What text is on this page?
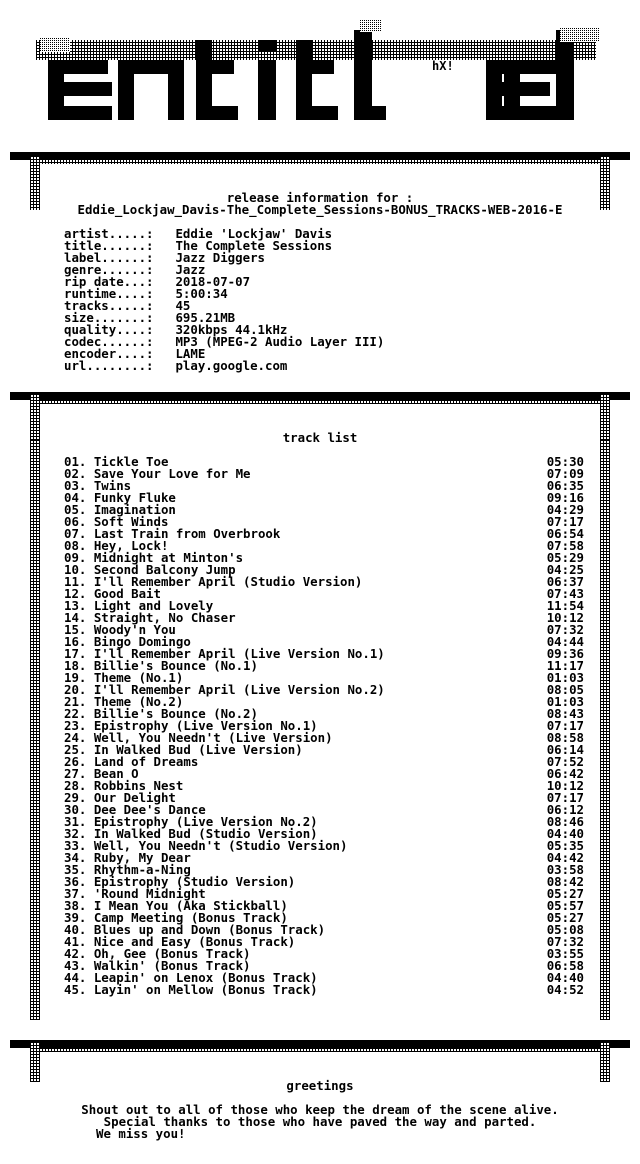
hX!
release information for :
Eddie_Lockjaw_Davis-The_Complete_Sessions-BONUS_TRACKS-WEB-2016-E
artist.....: Eddie 'Lockjaw' Davis
title......: The Complete Sessions
label......: Jazz Diggers
genre......: Jazz
rip date...: 2018-07-07
runtime....: 5:00:34
tracks.....: 45
size.......: 695.21MB
quality....: 320kbps 44.1kHz
codec......: MP3 (MPEG-2 Audio Layer III)
encoder....: LAME
url........: play.google.com
track list
01. Tickle Toe	05:30
02. Save Your Love for Me	07:09
03. Twins	06:35
04. Funky Fluke	09:16
05. Imagination	04:29
06. Soft Winds	07:17
07. Last Train from Overbrook	06:54
08. Hey, Lock!	07:58
09. Midnight at Minton's	05:29
10. Second Balcony Jump	04:25
11. I'll Remember April (Studio Version)	06:37
12. Good Bait	07:43
13. Light and Lovely	11:54
14. Straight, No Chaser	10:12
15. Woody'n You	07:32
16. Bingo Domingo	04:44
17. I'll Remember April (Live Version No.1)	09:36
18. Billie's Bounce (No.1)	11:17
19. Theme (No.1)	01:03
20. I'll Remember April (Live Version No.2)	08:05
21. Theme (No.2)	01:03
22. Billie's Bounce (No.2)	08:43
23. Epistrophy (Live Version No.1)	07:17
24. Well, You Needn't (Live Version)	08:58
25. In Walked Bud (Live Version)	06:14
26. Land of Dreams	07:52
27. Bean O	06:42
28. Robbins Nest	10:12
29. Our Delight	07:17
30. Dee Dee's Dance	06:12
31. Epistrophy (Live Version No.2)	08:46
32. In Walked Bud (Studio Version)	04:40
33. Well, You Needn't (Studio Version)	05:35
34. Ruby, My Dear	04:42
35. Rhythm-a-Ning	03:58
36. Epistrophy (Studio Version)	08:42
37. 'Round Midnight	05:27
38. I Mean You (Aka Stickball)	05:57
39. Camp Meeting (Bonus Track)	05:27
40. Blues up and Down (Bonus Track)	05:08
41. Nice and Easy (Bonus Track)	07:32
42. Oh, Gee (Bonus Track)	03:55
43. Walkin' (Bonus Track)	06:58
44. Leapin' on Lenox (Bonus Track)	04:40
45. Layin' on Mellow (Bonus Track)	04:52
greetings
Shout out to all of those who keep the dream of the scene alive.
Special thanks to those who have paved the way and parted.
We miss you!
